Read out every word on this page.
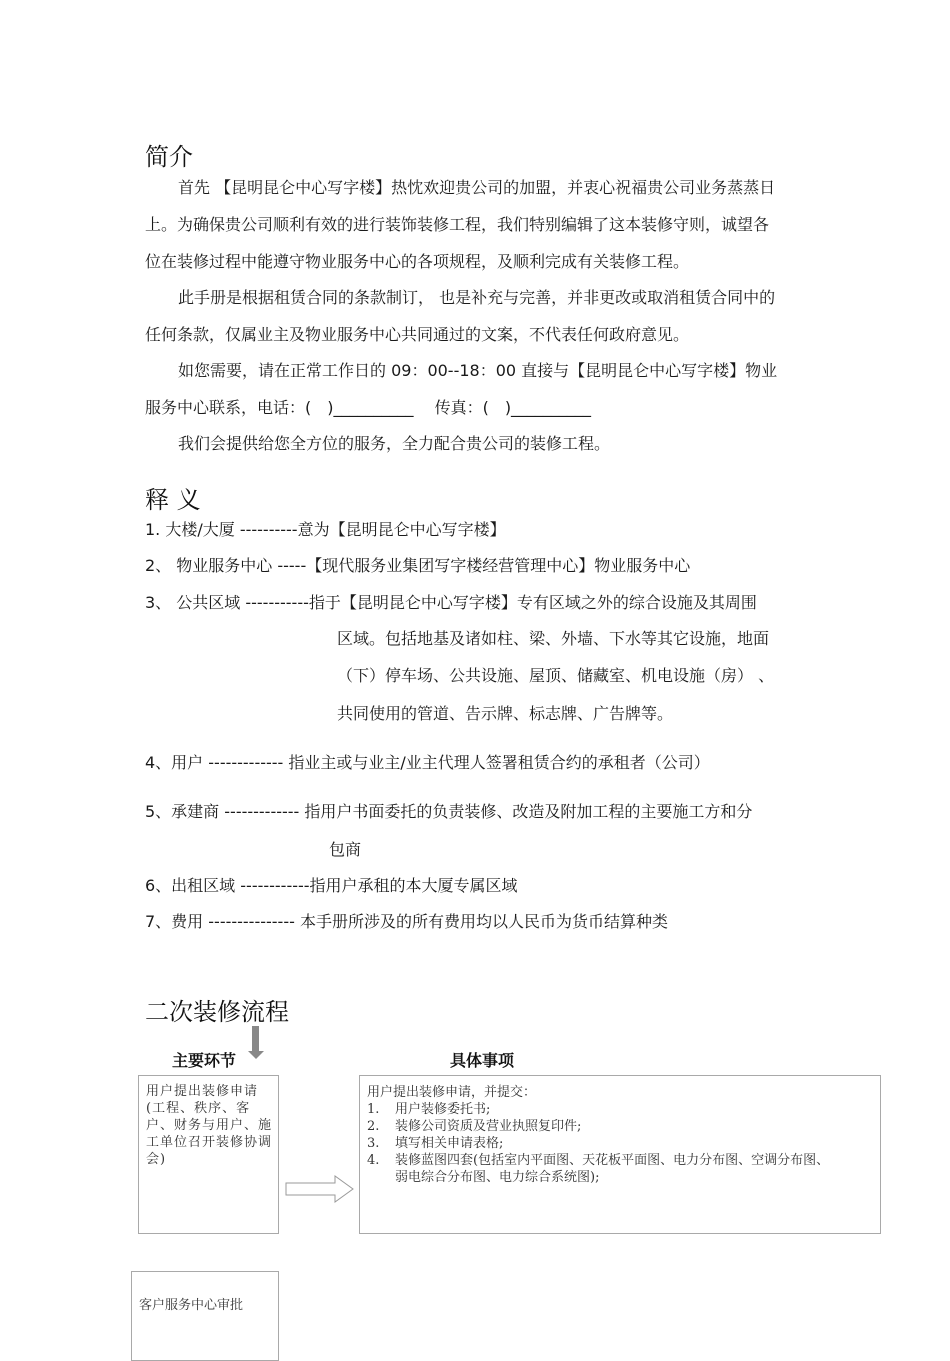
简介
首先 【昆明昆仑中心写字楼】热忱欢迎贵公司的加盟，并衷心祝福贵公司业务蒸蒸日
上。为确保贵公司顺利有效的进行装饰装修工程，我们特别编辑了这本装修守则，诚望各
位在装修过程中能遵守物业服务中心的各项规程，及顺利完成有关装修工程。
此手册是根据租赁合同的条款制订， 也是补充与完善，并非更改或取消租赁合同中的
任何条款，仅属业主及物业服务中心共同通过的文案，不代表任何政府意见。
如您需要，请在正常工作日的 09：00--18：00 直接与【昆明昆仑中心写字楼】物业
服务中心联系，电话：(　)__________　 传真：(　)__________
我们会提供给您全方位的服务，全力配合贵公司的装修工程。
释 义
1. 大楼/大厦 ----------意为【昆明昆仑中心写字楼】
2、 物业服务中心 -----【现代服务业集团写字楼经营管理中心】物业服务中心
3、 公共区域 -----------指于【昆明昆仑中心写字楼】专有区域之外的综合设施及其周围
区域。包括地基及诸如柱、梁、外墙、下水等其它设施，地面
（下）停车场、公共设施、屋顶、储藏室、机电设施（房） 、
共同使用的管道、告示牌、标志牌、广告牌等。
4、用户 ------------- 指业主或与业主/业主代理人签署租赁合约的承租者（公司）
5、承建商 ------------- 指用户书面委托的负责装修、改造及附加工程的主要施工方和分
包商
6、出租区域 ------------指用户承租的本大厦专属区域
7、费用 --------------- 本手册所涉及的所有费用均以人民币为货币结算种类
二次装修流程
主要环节	具体事项
用户提出装修申请(工程、秩序、客户、财务与用户、施工单位召开装修协调会)
用户提出装修申请，并提交：
1. 用户装修委托书;
2. 装修公司资质及营业执照复印件;
3. 填写相关申请表格;
4. 装修蓝图四套(包括室内平面图、天花板平面图、电力分布图、空调分布图、
弱电综合分布图、电力综合系统图);
客户服务中心审批
